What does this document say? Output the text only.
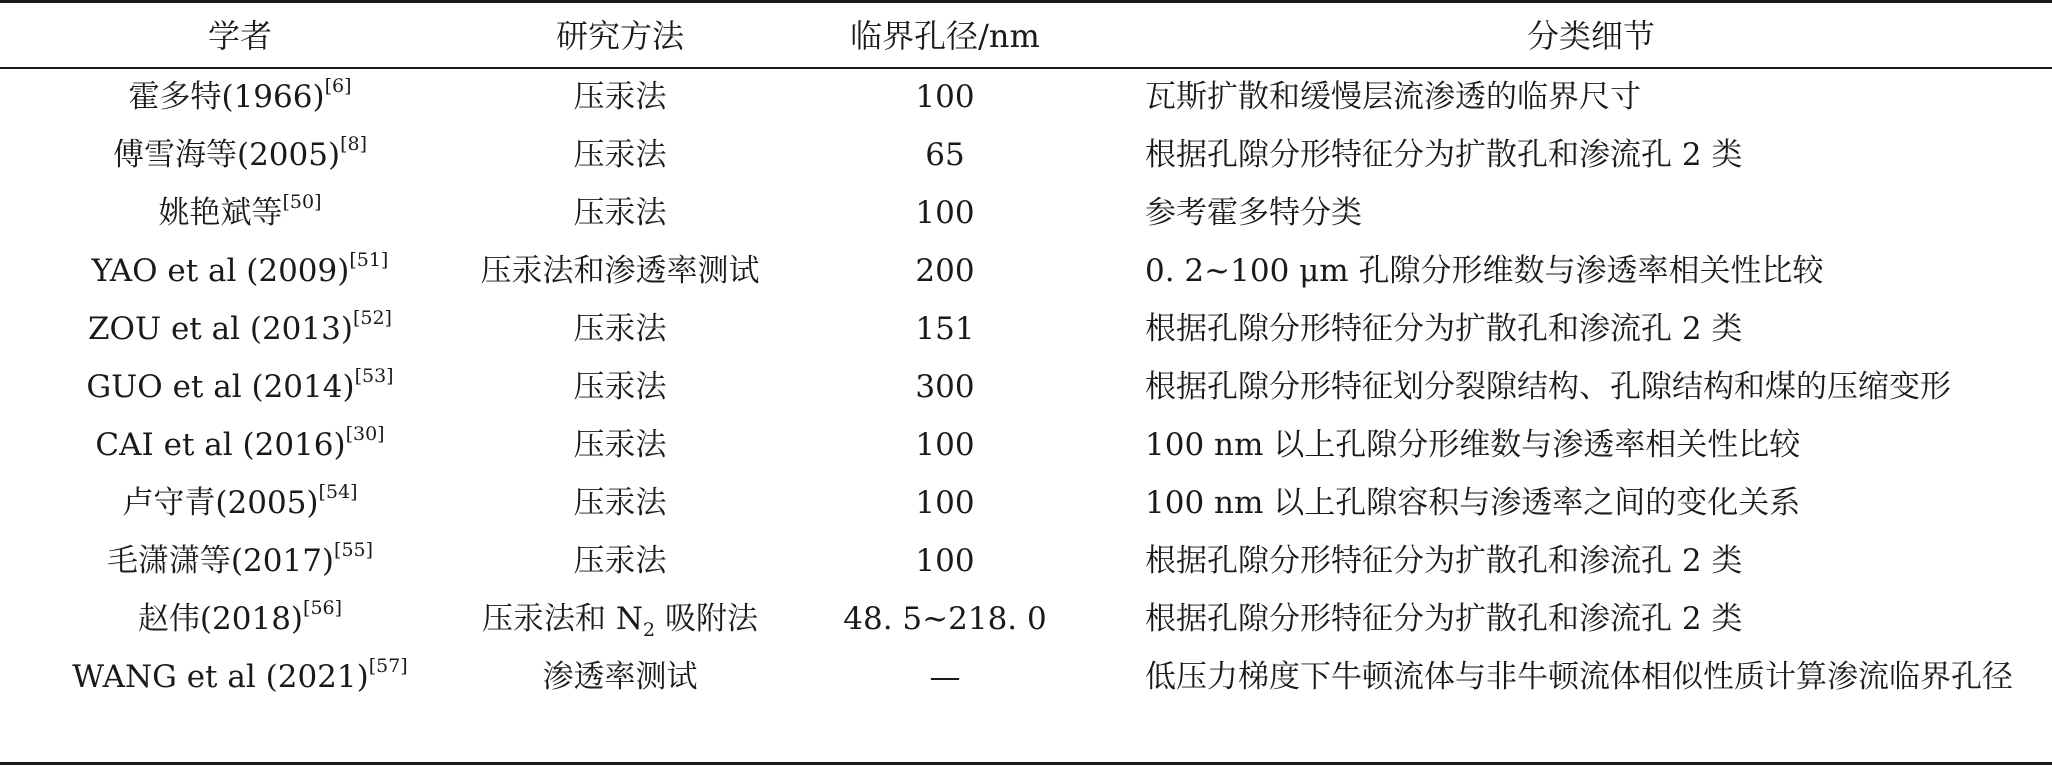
学者	研究方法	临界孔径/nm	分类细节
霍多特(1966)[6]	压汞法	100	瓦斯扩散和缓慢层流渗透的临界尺寸
傅雪海等(2005)[8]	压汞法	65	根据孔隙分形特征分为扩散孔和渗流孔 2 类
姚艳斌等[50]	压汞法	100	参考霍多特分类
YAO et al (2009)[51]	压汞法和渗透率测试	200	0. 2~100 μm 孔隙分形维数与渗透率相关性比较
ZOU et al (2013)[52]	压汞法	151	根据孔隙分形特征分为扩散孔和渗流孔 2 类
GUO et al (2014)[53]	压汞法	300	根据孔隙分形特征划分裂隙结构、孔隙结构和煤的压缩变形
CAI et al (2016)[30]	压汞法	100	100 nm 以上孔隙分形维数与渗透率相关性比较
卢守青(2005)[54]	压汞法	100	100 nm 以上孔隙容积与渗透率之间的变化关系
毛潇潇等(2017)[55]	压汞法	100	根据孔隙分形特征分为扩散孔和渗流孔 2 类
赵伟(2018)[56]	压汞法和 $N_2$ 吸附法	48. 5~218. 0	根据孔隙分形特征分为扩散孔和渗流孔 2 类
WANG et al (2021)[57]	渗透率测试	—	低压力梯度下牛顿流体与非牛顿流体相似性质计算渗流临界孔径
